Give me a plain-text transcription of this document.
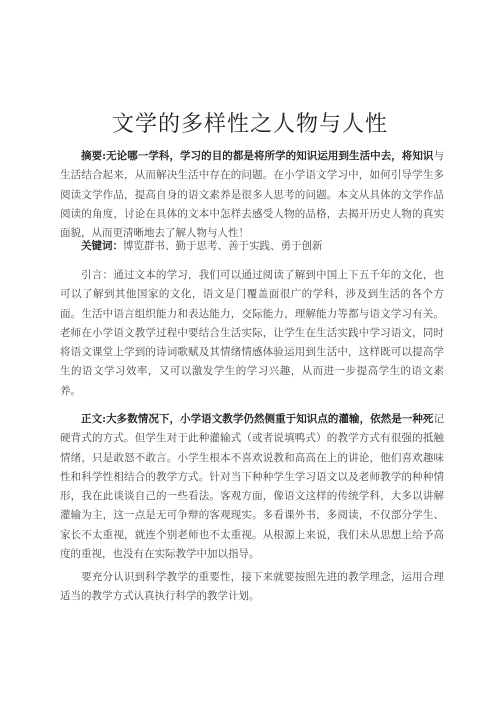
文学的多样性之人物与人性

摘要:无论哪一学科，学习的目的都是将所学的知识运用到生活中去，将知识与生活结合起来，从而解决生活中存在的问题。在小学语文学习中，如何引导学生多阅读文学作品，提高自身的语文素养是很多人思考的问题。本文从具体的文学作品阅读的角度，讨论在具体的文本中怎样去感受人物的品格，去揭开历史人物的真实面貌，从而更清晰地去了解人物与人性！

关键词：博览群书、勤于思考、善于实践、勇于创新

引言：通过文本的学习，我们可以通过阅读了解到中国上下五千年的文化，也可以了解到其他国家的文化，语文是门覆盖面很广的学科，涉及到生活的各个方面。生活中语言组织能力和表达能力，交际能力，理解能力等都与语文学习有关。老师在小学语文教学过程中要结合生活实际，让学生在生活实践中学习语文，同时将语文课堂上学到的诗词歌赋及其情绪情感体验运用到生活中，这样既可以提高学生的语文学习效率，又可以激发学生的学习兴趣，从而进一步提高学生的语文素养。

正文:大多数情况下，小学语文教学仍然侧重于知识点的灌输，依然是一种死记硬背式的方式。但学生对于此种灌输式（或者说填鸭式）的教学方式有很强的抵触情绪，只是敢怒不敢言。小学生根本不喜欢说教和高高在上的讲论，他们喜欢趣味性和科学性相结合的教学方式。针对当下种种学生学习语文以及老师教学的种种情形，我在此谈谈自己的一些看法。客观方面，像语文这样的传统学科，大多以讲解灌输为主，这一点是无可争辩的客观现实。多看课外书，多阅读，不仅部分学生、家长不太重视，就连个别老师也不太重视。从根源上来说，我们未从思想上给予高度的重视，也没有在实际教学中加以指导。

要充分认识到科学教学的重要性，接下来就要按照先进的教学理念，运用合理适当的教学方式认真执行科学的教学计划。
